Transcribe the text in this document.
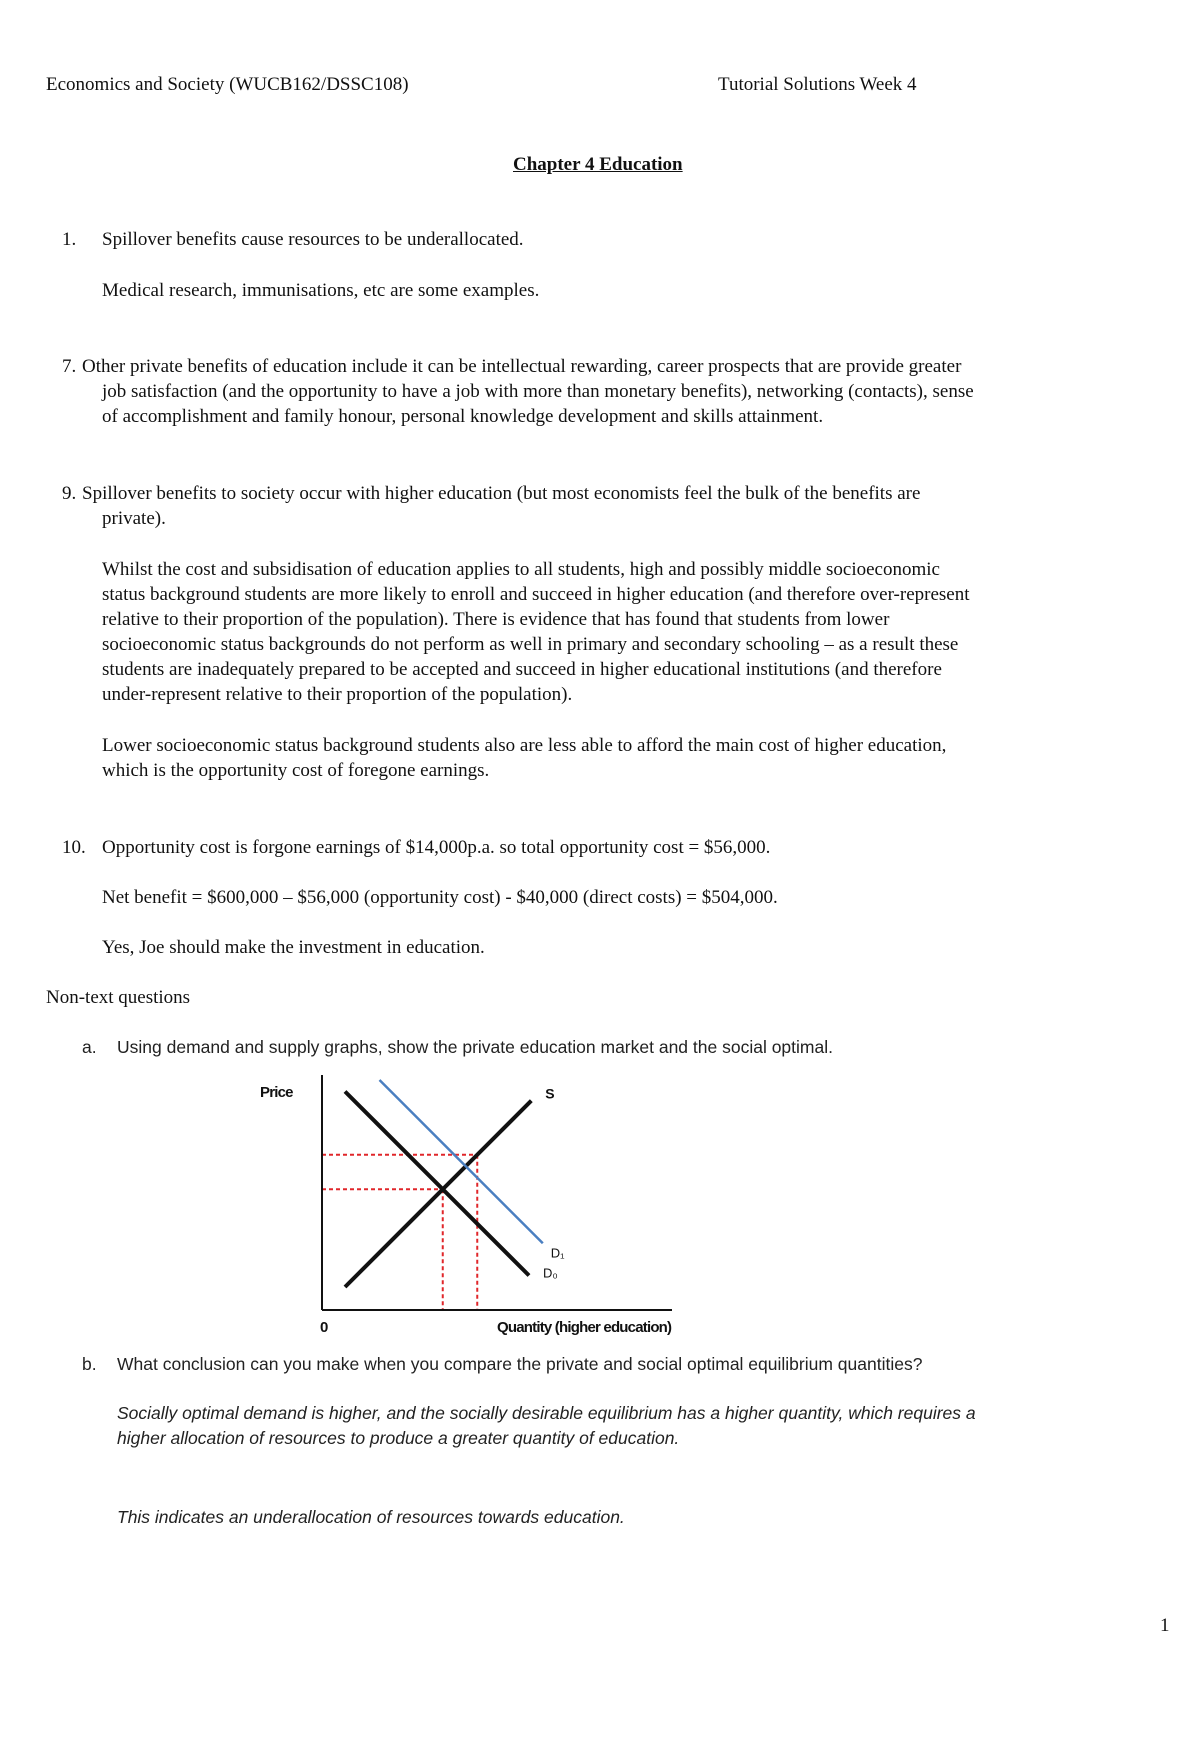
Economics and Society (WUCB162/DSSC108)	Tutorial Solutions Week 4

Chapter 4 Education

1. Spillover benefits cause resources to be underallocated.

Medical research, immunisations, etc are some examples.

7. Other private benefits of education include it can be intellectual rewarding, career prospects that are provide greater

job satisfaction (and the opportunity to have a job with more than monetary benefits), networking (contacts), sense

of accomplishment and family honour, personal knowledge development and skills attainment.

9. Spillover benefits to society occur with higher education (but most economists feel the bulk of the benefits are

private).

Whilst the cost and subsidisation of education applies to all students, high and possibly middle socioeconomic

status background students are more likely to enroll and succeed in higher education (and therefore over-represent

relative to their proportion of the population). There is evidence that has found that students from lower

socioeconomic status backgrounds do not perform as well in primary and secondary schooling – as a result these

students are inadequately prepared to be accepted and succeed in higher educational institutions (and therefore

under-represent relative to their proportion of the population).

Lower socioeconomic status background students also are less able to afford the main cost of higher education,

which is the opportunity cost of foregone earnings.

10. Opportunity cost is forgone earnings of $14,000p.a. so total opportunity cost = $56,000.

Net benefit = $600,000 – $56,000 (opportunity cost) - $40,000 (direct costs) = $504,000.

Yes, Joe should make the investment in education.

Non-text questions

a. Using demand and supply graphs, show the private education market and the social optimal.

Price
0	Quantity (higher education)
S
D₀
D₁
b. What conclusion can you make when you compare the private and social optimal equilibrium quantities?

Socially optimal demand is higher, and the socially desirable equilibrium has a higher quantity, which requires a

higher allocation of resources to produce a greater quantity of education.

This indicates an underallocation of resources towards education.

1
